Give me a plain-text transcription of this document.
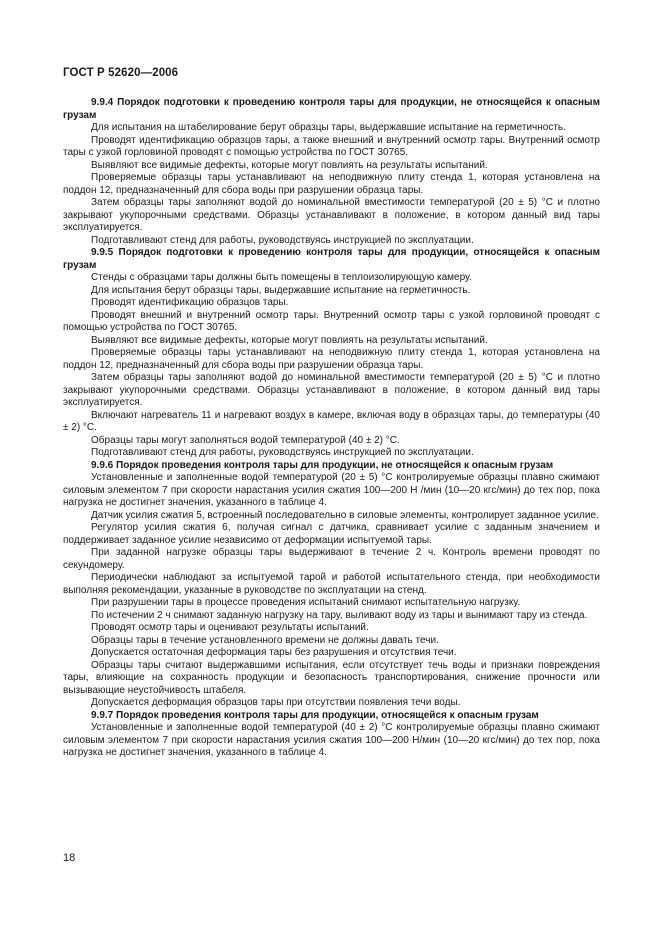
ГОСТ Р 52620—2006

9.9.4 Порядок подготовки к проведению контроля тары для продукции, не относящейся к опасным грузам

Для испытания на штабелирование берут образцы тары, выдержавшие испытание на герметичность.

Проводят идентификацию образцов тары, а также внешний и внутренний осмотр тары. Внутренний осмотр тары с узкой горловиной проводят с помощью устройства по ГОСТ 30765.

Выявляют все видимые дефекты, которые могут повлиять на результаты испытаний.

Проверяемые образцы тары устанавливают на неподвижную плиту стенда 1, которая установлена на поддон 12, предназначенный для сбора воды при разрушении образца тары.

Затем образцы тары заполняют водой до номинальной вместимости температурой (20 ± 5) °С и плотно закрывают укупорочными средствами. Образцы устанавливают в положение, в котором данный вид тары эксплуатируется.

Подготавливают стенд для работы, руководствуясь инструкцией по эксплуатации.

9.9.5 Порядок подготовки к проведению контроля тары для продукции, относящейся к опасным грузам

Стенды с образцами тары должны быть помещены в теплоизолирующую камеру.

Для испытания берут образцы тары, выдержавшие испытание на герметичность.

Проводят идентификацию образцов тары.

Проводят внешний и внутренний осмотр тары. Внутренний осмотр тары с узкой горловиной проводят с помощью устройства по ГОСТ 30765.

Выявляют все видимые дефекты, которые могут повлиять на результаты испытаний.

Проверяемые образцы тары устанавливают на неподвижную плиту стенда 1, которая установлена на поддон 12, предназначенный для сбора воды при разрушении образца тары.

Затем образцы тары заполняют водой до номинальной вместимости температурой (20 ± 5) °С и плотно закрывают укупорочными средствами. Образцы устанавливают в положение, в котором данный вид тары эксплуатируется.

Включают нагреватель 11 и нагревают воздух в камере, включая воду в образцах тары, до температуры (40 ± 2) °С.

Образцы тары могут заполняться водой температурой (40 ± 2) °С.

Подготавливают стенд для работы, руководствуясь инструкцией по эксплуатации.

9.9.6 Порядок проведения контроля тары для продукции, не относящейся к опасным грузам

Установленные и заполненные водой температурой (20 ± 5) °С контролируемые образцы плавно сжимают силовым элементом 7 при скорости нарастания усилия сжатия 100—200 Н /мин (10—20 кгс/мин) до тех пор, пока нагрузка не достигнет значения, указанного в таблице 4.

Датчик усилия сжатия 5, встроенный последовательно в силовые элементы, контролирует заданное усилие.

Регулятор усилия сжатия 6, получая сигнал с датчика, сравнивает усилие с заданным значением и поддерживает заданное усилие независимо от деформации испытуемой тары.

При заданной нагрузке образцы тары выдерживают в течение 2 ч. Контроль времени проводят по секундомеру.

Периодически наблюдают за испытуемой тарой и работой испытательного стенда, при необходимости выполняя рекомендации, указанные в руководстве по эксплуатации на стенд.

При разрушении тары в процессе проведения испытаний снимают испытательную нагрузку.

По истечении 2 ч снимают заданную нагрузку на тару, выливают воду из тары и вынимают тару из стенда.

Проводят осмотр тары и оценивают результаты испытаний.

Образцы тары в течение установленного времени не должны давать течи.

Допускается остаточная деформация тары без разрушения и отсутствия течи.

Образцы тары считают выдержавшими испытания, если отсутствует течь воды и признаки повреждения тары, влияющие на сохранность продукции и безопасность транспортирования, снижение прочности или вызывающие неустойчивость штабеля.

Допускается деформация образцов тары при отсутствии появления течи воды.

9.9.7 Порядок проведения контроля тары для продукции, относящейся к опасным грузам

Установленные и заполненные водой температурой (40 ± 2) °С контролируемые образцы плавно сжимают силовым элементом 7 при скорости нарастания усилия сжатия 100—200 Н/мин (10—20 кгс/мин) до тех пор, пока нагрузка не достигнет значения, указанного в таблице 4.

18
